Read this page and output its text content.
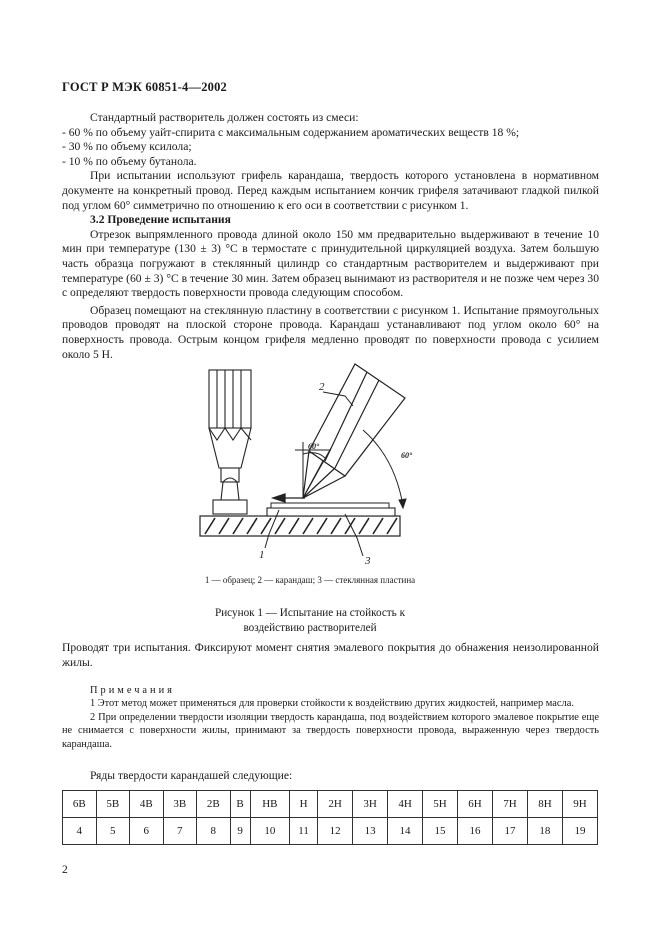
ГОСТ Р МЭК 60851-4—2002

Стандартный растворитель должен состоять из смеси:

- 60 % по объему уайт-спирита с максимальным содержанием ароматических веществ 18 %;

- 30 % по объему ксилола;

- 10 % по объему бутанола.

При испытании используют грифель карандаша, твердость которого установлена в нормативном документе на конкретный провод. Перед каждым испытанием кончик грифеля затачивают гладкой пилкой под углом 60° симметрично по отношению к его оси в соответствии с рисунком 1.

3.2 Проведение испытания

Отрезок выпрямленного провода длиной около 150 мм предварительно выдерживают в течение 10 мин при температуре (130 ± 3) °С в термостате с принудительной циркуляцией воздуха. Затем большую часть образца погружают в стеклянный цилиндр со стандартным растворителем и выдерживают при температуре (60 ± 3) °С в течение 30 мин. Затем образец вынимают из растворителя и не позже чем через 30 с определяют твердость поверхности провода следующим способом.

Образец помещают на стеклянную пластину в соответствии с рисунком 1. Испытание прямоугольных проводов проводят на плоской стороне провода. Карандаш устанавливают под углом около 60° на поверхность провода. Острым концом грифеля медленно проводят по поверхности провода с усилием около 5 Н.

60°
60°
2
1	3
1 — образец; 2 — карандаш; 3 — стеклянная пластина
Рисунок 1 — Испытание на стойкость к воздействию растворителей
Проводят три испытания. Фиксируют момент снятия эмалевого покрытия до обнажения неизолированной жилы.

Примечания

1 Этот метод может применяться для проверки стойкости к воздействию других жидкостей, например масла.

2 При определении твердости изоляции твердость карандаша, под воздействием которого эмалевое покрытие еще не снимается с поверхности жилы, принимают за твердость поверхности провода, выраженную через твердость карандаша.

Ряды твердости карандашей следующие:

6B	5B	4B	3B	2B	B	HB	H	2H	3H	4H	5H	6H	7H	8H	9H
4	5	6	7	8	9	10	11	12	13	14	15	16	17	18	19
2
